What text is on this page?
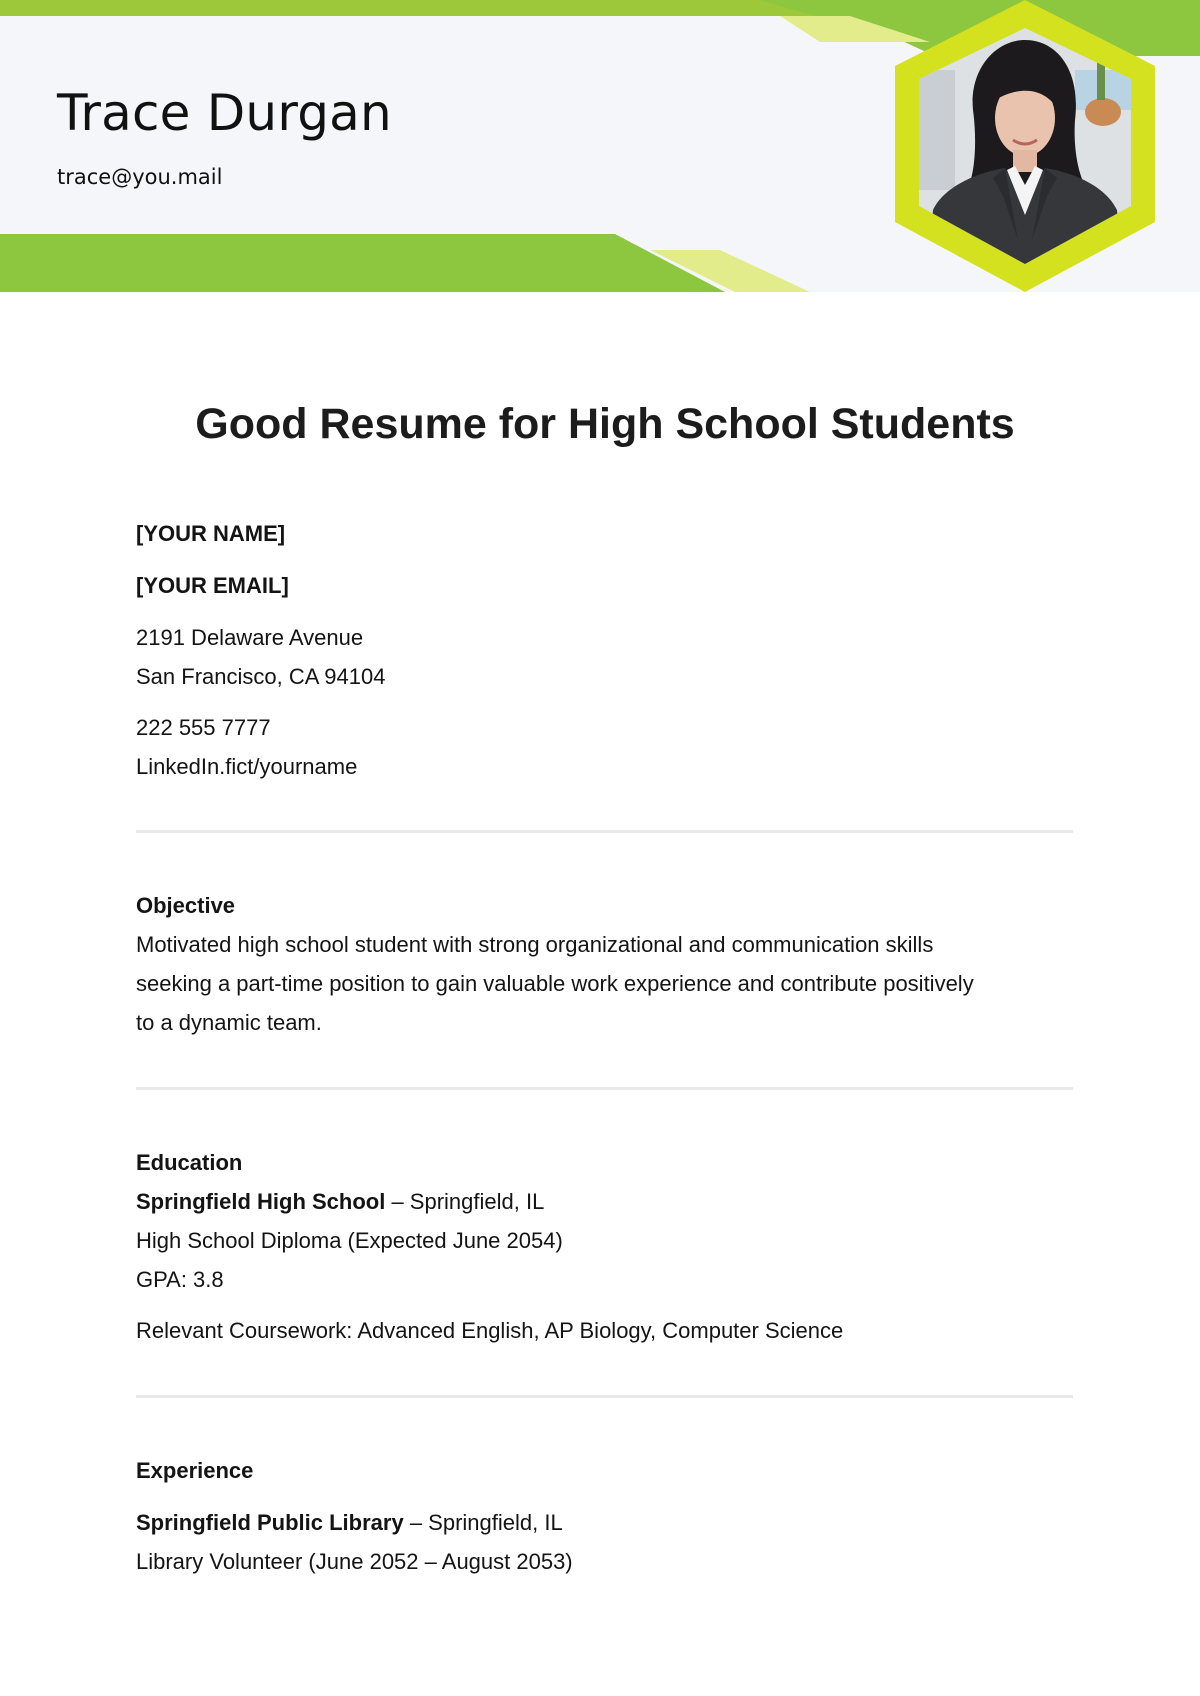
Trace Durgan
trace@you.mail
Good Resume for High School Students
[YOUR NAME]
[YOUR EMAIL]
2191 Delaware Avenue
San Francisco, CA 94104
222 555 7777
LinkedIn.fict/yourname
Objective
Motivated high school student with strong organizational and communication skills
seeking a part-time position to gain valuable work experience and contribute positively
to a dynamic team.
Education
Springfield High School – Springfield, IL
High School Diploma (Expected June 2054)
GPA: 3.8
Relevant Coursework: Advanced English, AP Biology, Computer Science
Experience
Springfield Public Library – Springfield, IL
Library Volunteer (June 2052 – August 2053)
